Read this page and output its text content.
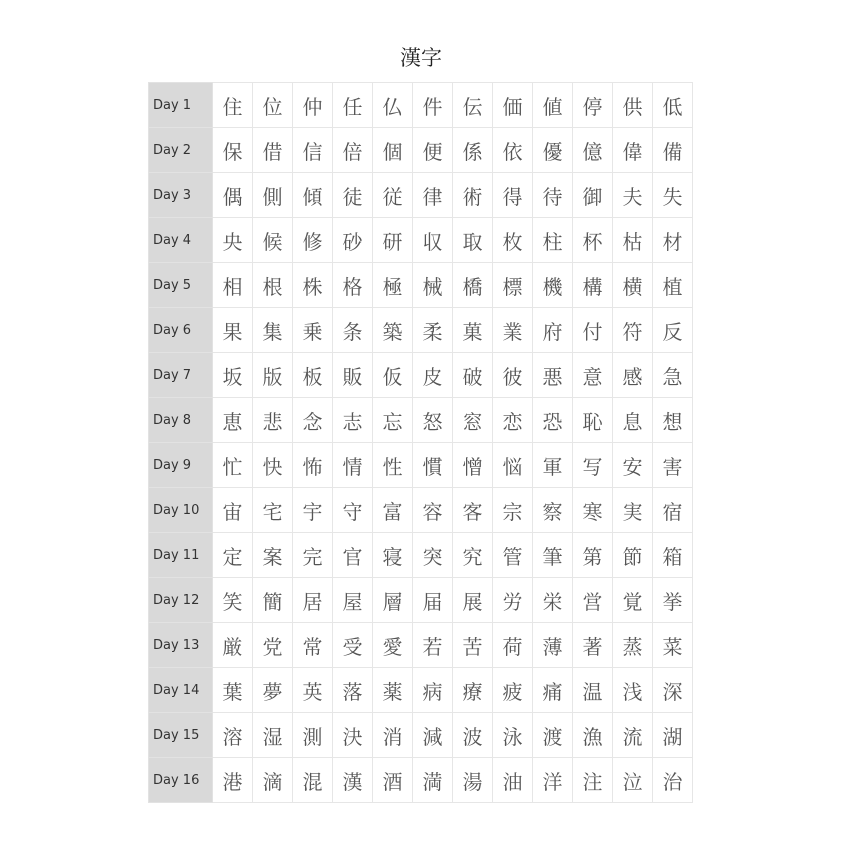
漢字
Day 1	住	位	仲	任	仏	件	伝	価	値	停	供	低
Day 2	保	借	信	倍	個	便	係	依	優	億	偉	備
Day 3	偶	側	傾	徒	従	律	術	得	待	御	夫	失
Day 4	央	候	修	砂	研	収	取	枚	柱	杯	枯	材
Day 5	相	根	株	格	極	械	橋	標	機	構	横	植
Day 6	果	集	乗	条	築	柔	菓	業	府	付	符	反
Day 7	坂	版	板	販	仮	皮	破	彼	悪	意	感	急
Day 8	恵	悲	念	志	忘	怒	窓	恋	恐	恥	息	想
Day 9	忙	快	怖	情	性	慣	憎	悩	軍	写	安	害
Day 10	宙	宅	宇	守	富	容	客	宗	察	寒	実	宿
Day 11	定	案	完	官	寝	突	究	管	筆	第	節	箱
Day 12	笑	簡	居	屋	層	届	展	労	栄	営	覚	挙
Day 13	厳	党	常	受	愛	若	苦	荷	薄	著	蒸	菜
Day 14	葉	夢	英	落	薬	病	療	疲	痛	温	浅	深
Day 15	溶	湿	測	決	消	減	波	泳	渡	漁	流	湖
Day 16	港	滴	混	漢	酒	満	湯	油	洋	注	泣	治
